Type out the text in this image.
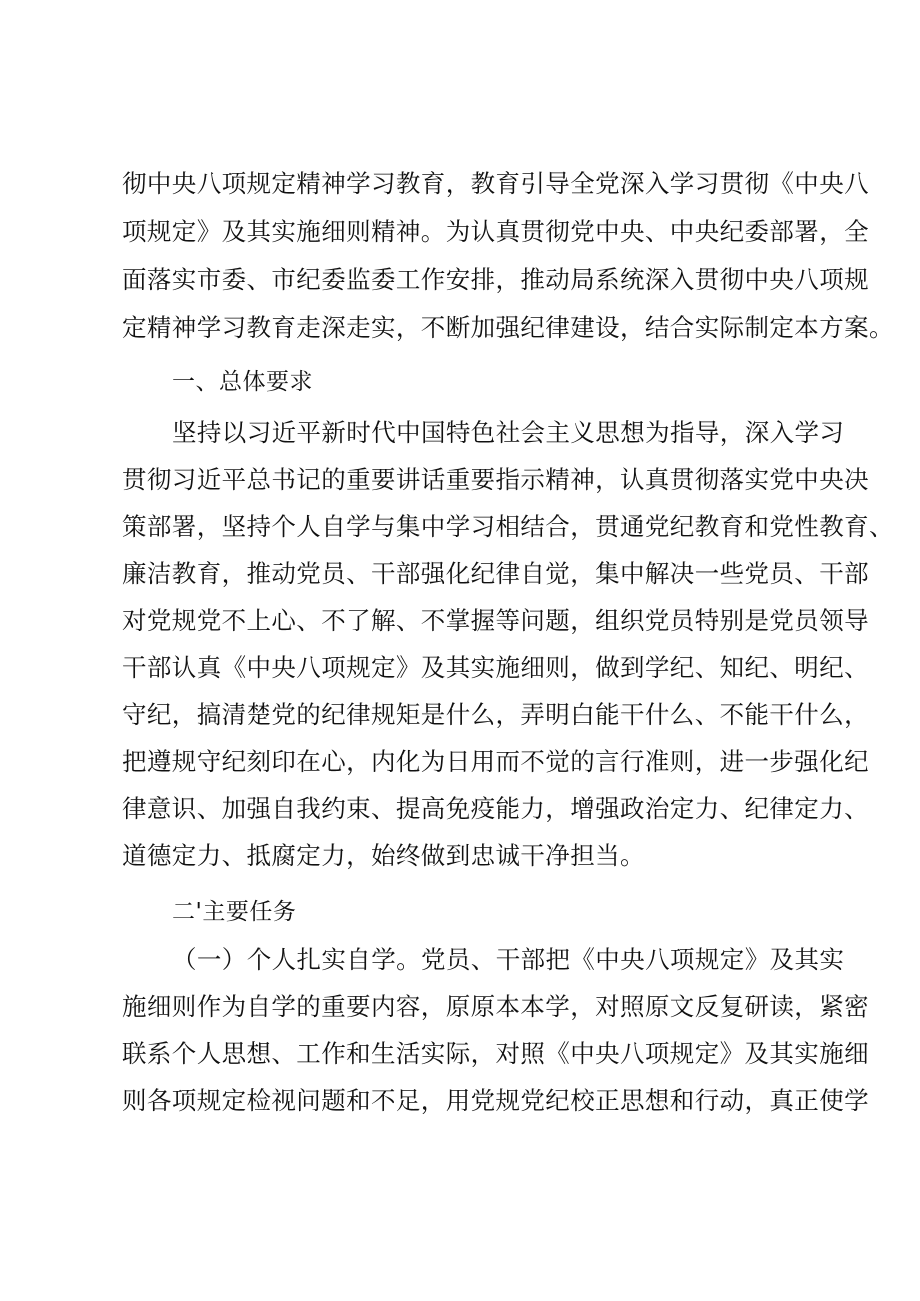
彻中央八项规定精神学习教育，教育引导全党深入学习贯彻《中央八
项规定》及其实施细则精神。为认真贯彻党中央、中央纪委部署，全
面落实市委、市纪委监委工作安排，推动局系统深入贯彻中央八项规
定精神学习教育走深走实，不断加强纪律建设，结合实际制定本方案。
一、总体要求
坚持以习近平新时代中国特色社会主义思想为指导，深入学习
贯彻习近平总书记的重要讲话重要指示精神，认真贯彻落实党中央决
策部署，坚持个人自学与集中学习相结合，贯通党纪教育和党性教育、
廉洁教育，推动党员、干部强化纪律自觉，集中解决一些党员、干部
对党规党不上心、不了解、不掌握等问题，组织党员特别是党员领导
干部认真《中央八项规定》及其实施细则，做到学纪、知纪、明纪、
守纪，搞清楚党的纪律规矩是什么，弄明白能干什么、不能干什么，
把遵规守纪刻印在心，内化为日用而不觉的言行准则，进一步强化纪
律意识、加强自我约束、提高免疫能力，增强政治定力、纪律定力、
道德定力、抵腐定力，始终做到忠诚干净担当。
二'主要任务
（一）个人扎实自学。党员、干部把《中央八项规定》及其实
施细则作为自学的重要内容，原原本本学，对照原文反复研读，紧密
联系个人思想、工作和生活实际，对照《中央八项规定》及其实施细
则各项规定检视问题和不足，用党规党纪校正思想和行动，真正使学
